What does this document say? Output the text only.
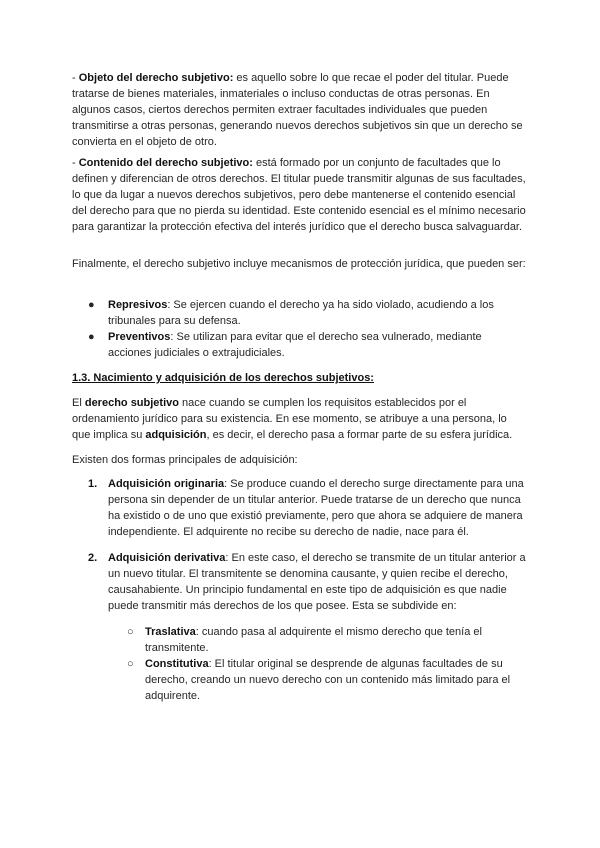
- Objeto del derecho subjetivo: es aquello sobre lo que recae el poder del titular. Puede tratarse de bienes materiales, inmateriales o incluso conductas de otras personas. En algunos casos, ciertos derechos permiten extraer facultades individuales que pueden transmitirse a otras personas, generando nuevos derechos subjetivos sin que un derecho se convierta en el objeto de otro.

- Contenido del derecho subjetivo: está formado por un conjunto de facultades que lo definen y diferencian de otros derechos. El titular puede transmitir algunas de sus facultades, lo que da lugar a nuevos derechos subjetivos, pero debe mantenerse el contenido esencial del derecho para que no pierda su identidad. Este contenido esencial es el mínimo necesario para garantizar la protección efectiva del interés jurídico que el derecho busca salvaguardar.

Finalmente, el derecho subjetivo incluye mecanismos de protección jurídica, que pueden ser:

● Represivos: Se ejercen cuando el derecho ya ha sido violado, acudiendo a los tribunales para su defensa.

● Preventivos: Se utilizan para evitar que el derecho sea vulnerado, mediante acciones judiciales o extrajudiciales.

1.3. Nacimiento y adquisición de los derechos subjetivos:

El derecho subjetivo nace cuando se cumplen los requisitos establecidos por el ordenamiento jurídico para su existencia. En ese momento, se atribuye a una persona, lo que implica su adquisición, es decir, el derecho pasa a formar parte de su esfera jurídica.

Existen dos formas principales de adquisición:

1. Adquisición originaria: Se produce cuando el derecho surge directamente para una persona sin depender de un titular anterior. Puede tratarse de un derecho que nunca ha existido o de uno que existió previamente, pero que ahora se adquiere de manera independiente. El adquirente no recibe su derecho de nadie, nace para él.

2. Adquisición derivativa: En este caso, el derecho se transmite de un titular anterior a un nuevo titular. El transmitente se denomina causante, y quien recibe el derecho, causahabiente. Un principio fundamental en este tipo de adquisición es que nadie puede transmitir más derechos de los que posee. Esta se subdivide en:

○ Traslativa: cuando pasa al adquirente el mismo derecho que tenía el transmitente.

○ Constitutiva: El titular original se desprende de algunas facultades de su derecho, creando un nuevo derecho con un contenido más limitado para el adquirente.
